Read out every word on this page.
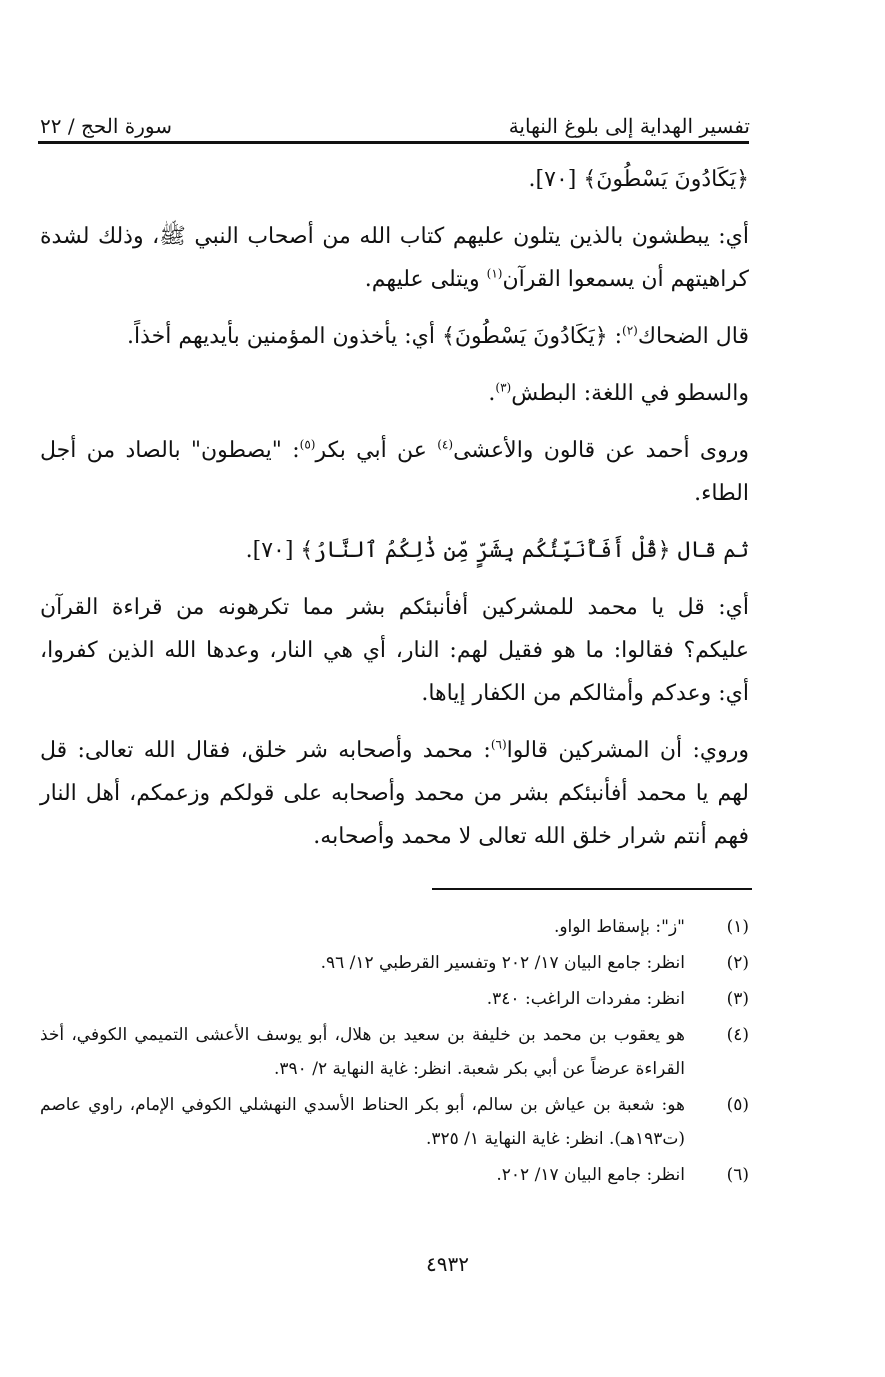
تفسير الهداية إلى بلوغ النهاية
سورة الحج / ٢٢

﴿يَكَادُونَ يَسْطُونَ﴾ [٧٠].

أي: يبطشون بالذين يتلون عليهم كتاب الله من أصحاب النبي ﷺ، وذلك لشدة كراهيتهم أن يسمعوا القرآن$^{(١)}$ ويتلى عليهم.

قال الضحاك$^{(٢)}$: ﴿يَكَادُونَ يَسْطُونَ﴾ أي: يأخذون المؤمنين بأيديهم أخذاً.

والسطو في اللغة: البطش$^{(٣)}$.

وروى أحمد عن قالون والأعشى$^{(٤)}$ عن أبي بكر$^{(٥)}$: "يصطون" بالصاد من أجل الطاء.

ثم قال ﴿قُلْ أَفَأُنَبِّئُكُم بِشَرٍّ مِّن ذَٰلِكُمُ ٱلنَّارُ﴾ [٧٠].

أي: قل يا محمد للمشركين أفأنبئكم بشر مما تكرهونه من قراءة القرآن عليكم؟ فقالوا: ما هو فقيل لهم: النار، أي هي النار، وعدها الله الذين كفروا، أي: وعدكم وأمثالكم من الكفار إياها.

وروي: أن المشركين قالوا$^{(٦)}$: محمد وأصحابه شر خلق، فقال الله تعالى: قل لهم يا محمد أفأنبئكم بشر من محمد وأصحابه على قولكم وزعمكم، أهل النار فهم أنتم شرار خلق الله تعالى لا محمد وأصحابه.

(١)
"ز": بإسقاط الواو.
(٢)
انظر: جامع البيان ١٧/ ٢٠٢ وتفسير القرطبي ١٢/ ٩٦.
(٣)
انظر: مفردات الراغب: ٣٤٠.
(٤)
هو يعقوب بن محمد بن خليفة بن سعيد بن هلال، أبو يوسف الأعشى التميمي الكوفي، أخذ القراءة عرضاً عن أبي بكر شعبة. انظر: غاية النهاية ٢/ ٣٩٠.
(٥)
هو: شعبة بن عياش بن سالم، أبو بكر الحناط الأسدي النهشلي الكوفي الإمام، راوي عاصم (ت١٩٣هـ). انظر: غاية النهاية ١/ ٣٢٥.
(٦)
انظر: جامع البيان ١٧/ ٢٠٢.
٤٩٣٢
